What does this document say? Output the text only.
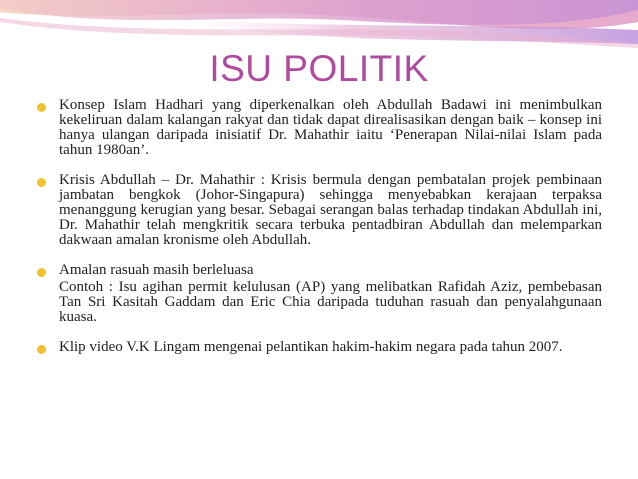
ISU POLITIK

Konsep Islam Hadhari yang diperkenalkan oleh Abdullah Badawi ini menimbulkan kekeliruan dalam kalangan rakyat dan tidak dapat direalisasikan dengan baik – konsep ini hanya ulangan daripada inisiatif Dr. Mahathir iaitu ‘Penerapan Nilai-nilai Islam pada tahun 1980an’.

Krisis Abdullah – Dr. Mahathir : Krisis bermula dengan pembatalan projek pembinaan jambatan bengkok (Johor-Singapura) sehingga menyebabkan kerajaan terpaksa menanggung kerugian yang besar. Sebagai serangan balas terhadap tindakan Abdullah ini, Dr. Mahathir telah mengkritik secara terbuka pentadbiran Abdullah dan melemparkan dakwaan amalan kronisme oleh Abdullah.

Amalan rasuah masih berleluasa

Contoh : Isu agihan permit kelulusan (AP) yang melibatkan Rafidah Aziz, pembebasan Tan Sri Kasitah Gaddam dan Eric Chia daripada tuduhan rasuah dan penyalahgunaan kuasa.

Klip video V.K Lingam mengenai pelantikan hakim-hakim negara pada tahun 2007.
